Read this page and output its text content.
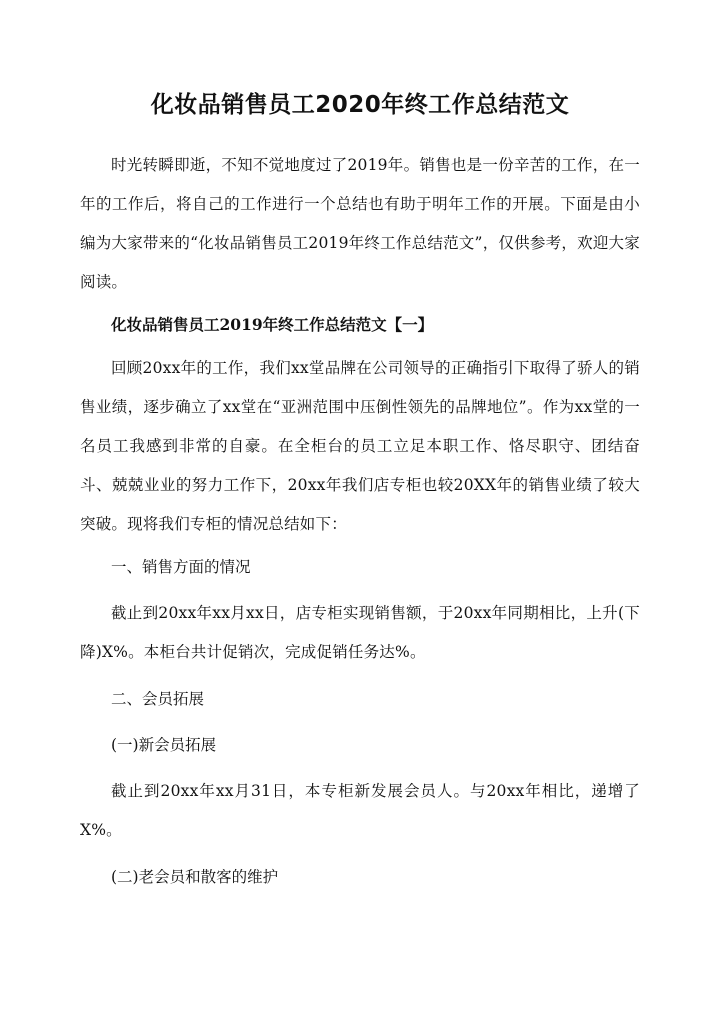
化妆品销售员工2020年终工作总结范文

时光转瞬即逝，不知不觉地度过了2019年。销售也是一份辛苦的工作，在一年的工作后，将自己的工作进行一个总结也有助于明年工作的开展。下面是由小编为大家带来的“化妆品销售员工2019年终工作总结范文”，仅供参考，欢迎大家阅读。

化妆品销售员工2019年终工作总结范文【一】

回顾20xx年的工作，我们xx堂品牌在公司领导的正确指引下取得了骄人的销售业绩，逐步确立了xx堂在“亚洲范围中压倒性领先的品牌地位”。作为xx堂的一名员工我感到非常的自豪。在全柜台的员工立足本职工作、恪尽职守、团结奋斗、兢兢业业的努力工作下，20xx年我们店专柜也较20XX年的销售业绩了较大突破。现将我们专柜的情况总结如下：

一、销售方面的情况

截止到20xx年xx月xx日，店专柜实现销售额，于20xx年同期相比，上升(下降)X%。本柜台共计促销次，完成促销任务达%。

二、会员拓展

(一)新会员拓展

截止到20xx年xx月31日，本专柜新发展会员人。与20xx年相比，递增了X%。

(二)老会员和散客的维护
